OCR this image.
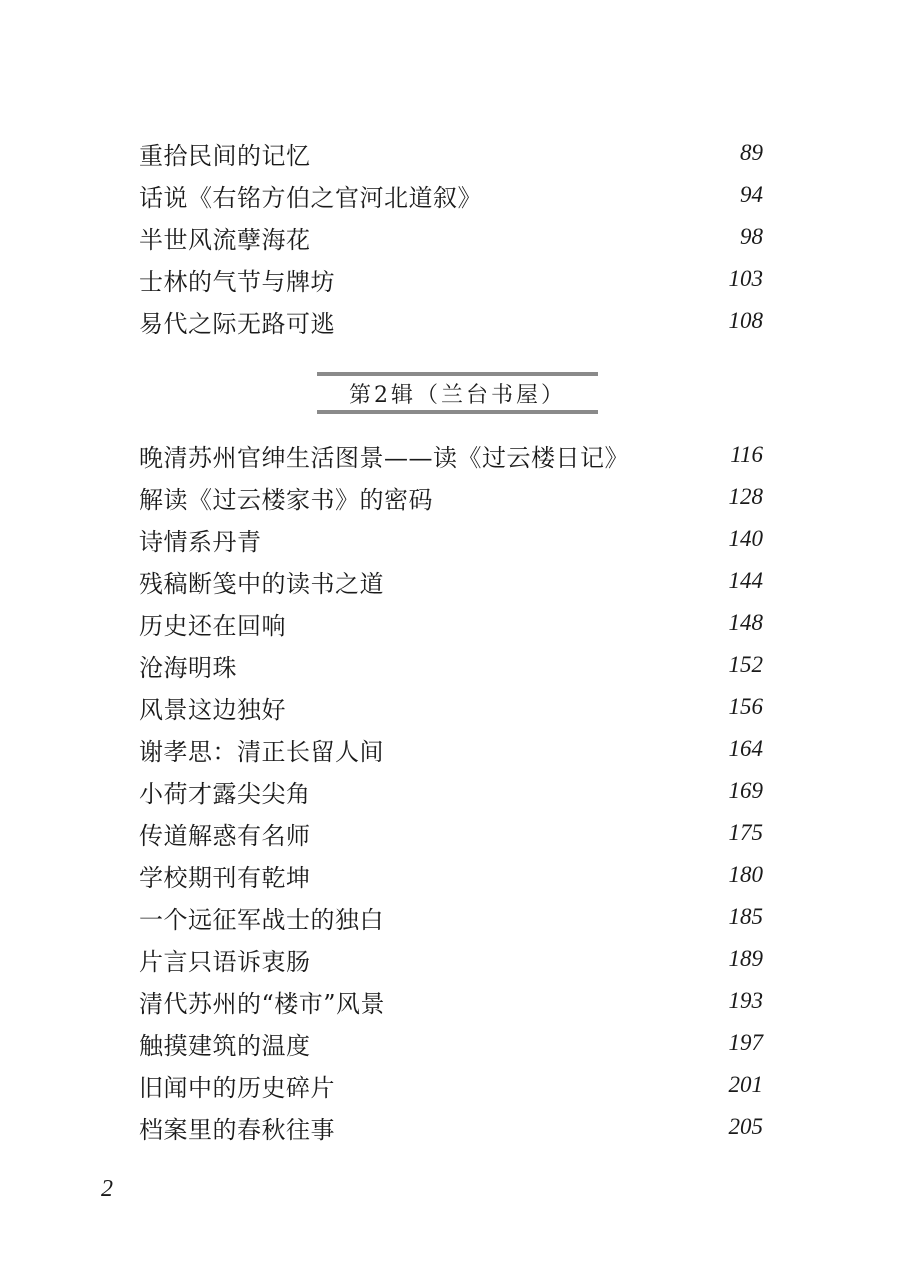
重拾民间的记忆	89
话说《右铭方伯之官河北道叙》	94
半世风流孽海花	98
士林的气节与牌坊	103
易代之际无路可逃	108
第2辑（兰台书屋）
晚清苏州官绅生活图景——读《过云楼日记》	116
解读《过云楼家书》的密码	128
诗情系丹青	140
残稿断笺中的读书之道	144
历史还在回响	148
沧海明珠	152
风景这边独好	156
谢孝思：清正长留人间	164
小荷才露尖尖角	169
传道解惑有名师	175
学校期刊有乾坤	180
一个远征军战士的独白	185
片言只语诉衷肠	189
清代苏州的“楼市”风景	193
触摸建筑的温度	197
旧闻中的历史碎片	201
档案里的春秋往事	205
2
